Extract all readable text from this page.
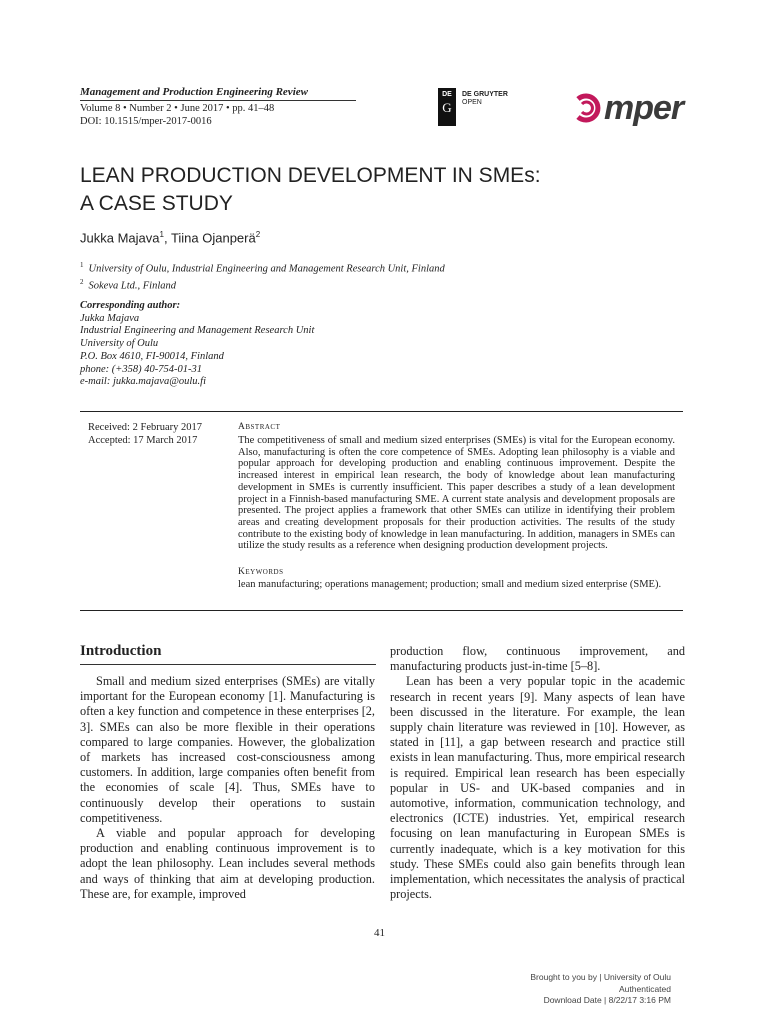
Management and Production Engineering Review
Volume 8 • Number 2 • June 2017 • pp. 41–48
DOI: 10.1515/mper-2017-0016
DE
G
DE GRUYTER
OPEN	mper
LEAN PRODUCTION DEVELOPMENT IN SMEs:
A CASE STUDY
Jukka Majava$^1$, Tiina Ojanperä$^2$
$^1$ University of Oulu, Industrial Engineering and Management Research Unit, Finland
$^2$ Sokeva Ltd., Finland
Corresponding author:
Jukka Majava
Industrial Engineering and Management Research Unit
University of Oulu
P.O. Box 4610, FI-90014, Finland
phone: (+358) 40-754-01-31
e-mail: jukka.majava@oulu.fi
Received: 2 February 2017
Accepted: 17 March 2017
Abstract
The competitiveness of small and medium sized enterprises (SMEs) is vital for the European economy. Also, manufacturing is often the core competence of SMEs. Adopting lean philosophy is a viable and popular approach for developing production and enabling continuous improvement. Despite the increased interest in empirical lean research, the body of knowledge about lean manufacturing development in SMEs is currently insufficient. This paper describes a study of a lean development project in a Finnish-based manufacturing SME. A current state analysis and development proposals are presented. The project applies a framework that other SMEs can utilize in identifying their problem areas and creating development proposals for their production activities. The results of the study contribute to the existing body of knowledge in lean manufacturing. In addition, managers in SMEs can utilize the study results as a reference when designing production development projects.
Keywords
lean manufacturing; operations management; production; small and medium sized enterprise (SME).
Introduction

Small and medium sized enterprises (SMEs) are vitally important for the European economy [1]. Manufacturing is often a key function and competence in these enterprises [2, 3]. SMEs can also be more flexible in their operations compared to large companies. However, the globalization of markets has increased cost-consciousness among customers. In addition, large companies often benefit from the economies of scale [4]. Thus, SMEs have to continuously develop their operations to sustain competitiveness.

A viable and popular approach for developing production and enabling continuous improvement is to adopt the lean philosophy. Lean includes several methods and ways of thinking that aim at developing production. These are, for example, improved

production flow, continuous improvement, and manufacturing products just-in-time [5–8].

Lean has been a very popular topic in the academic research in recent years [9]. Many aspects of lean have been discussed in the literature. For example, the lean supply chain literature was reviewed in [10]. However, as stated in [11], a gap between research and practice still exists in lean manufacturing. Thus, more empirical research is required. Empirical lean research has been especially popular in US- and UK-based companies and in automotive, information, communication technology, and electronics (ICTE) industries. Yet, empirical research focusing on lean manufacturing in European SMEs is currently inadequate, which is a key motivation for this study. These SMEs could also gain benefits through lean implementation, which necessitates the analysis of practical projects.

41
Brought to you by | University of Oulu
Authenticated
Download Date | 8/22/17 3:16 PM
